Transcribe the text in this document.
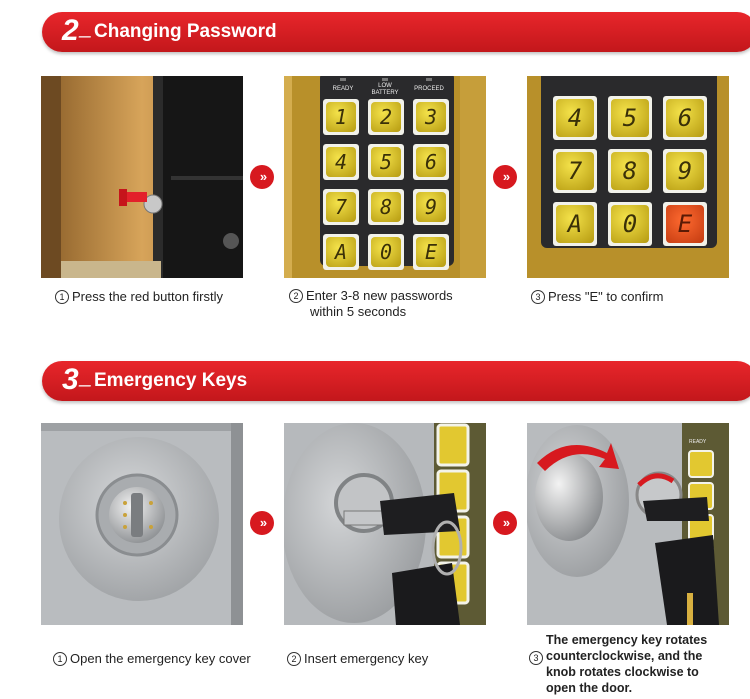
2— Changing Password
»
READY	LOW BATTERY
PROCEED
1	2	3
4	5	6
7	8	9
A	0	E
»
4	5	6
7	8	9
A	0	E
1 Press the red button firstly	2 Enter 3-8 new passwords
within 5 seconds
3 Press "E" to confirm
3— Emergency Keys
»	»
READY
1 Open the emergency key cover	2 Insert emergency key	3
The emergency key rotates
counterclockwise, and the
knob rotates clockwise to
open the door.
